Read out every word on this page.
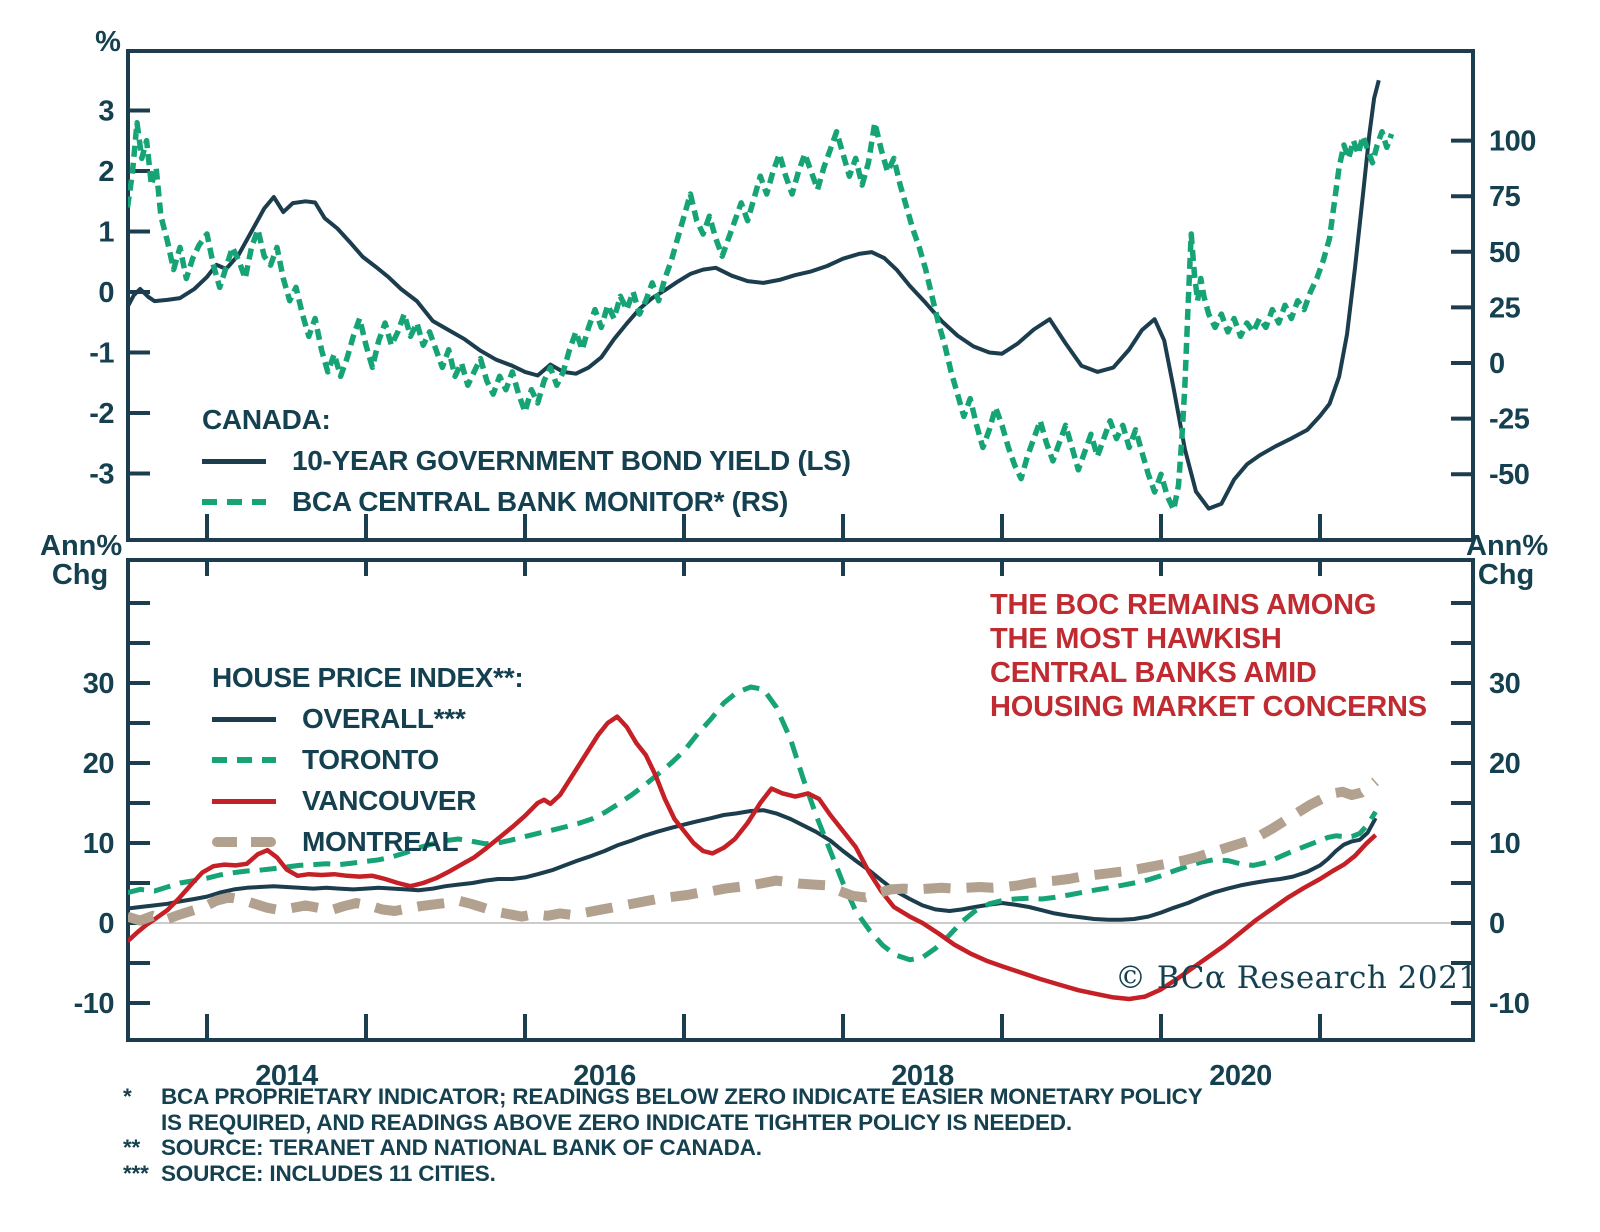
3
2
1
0
-1
-2
-3
100
75
50
25
0
-25
-50
30
20
10
0
-10
30
20
10
0
-10
2014	2016	2018	2020
%
Ann%
Chg
Ann%
Chg
CANADA:
10-YEAR GOVERNMENT BOND YIELD (LS)
BCA CENTRAL BANK MONITOR* (RS)
HOUSE PRICE INDEX**:
OVERALL***
TORONTO
VANCOUVER
MONTREAL
THE BOC REMAINS AMONG
THE MOST HAWKISH
CENTRAL BANKS AMID
HOUSING MARKET CONCERNS
© BCα Research 2021
* BCA PROPRIETARY INDICATOR; READINGS BELOW ZERO INDICATE EASIER MONETARY POLICY IS REQUIRED, AND READINGS ABOVE ZERO INDICATE TIGHTER POLICY IS NEEDED.
** SOURCE: TERANET AND NATIONAL BANK OF CANADA.
*** SOURCE: INCLUDES 11 CITIES.
